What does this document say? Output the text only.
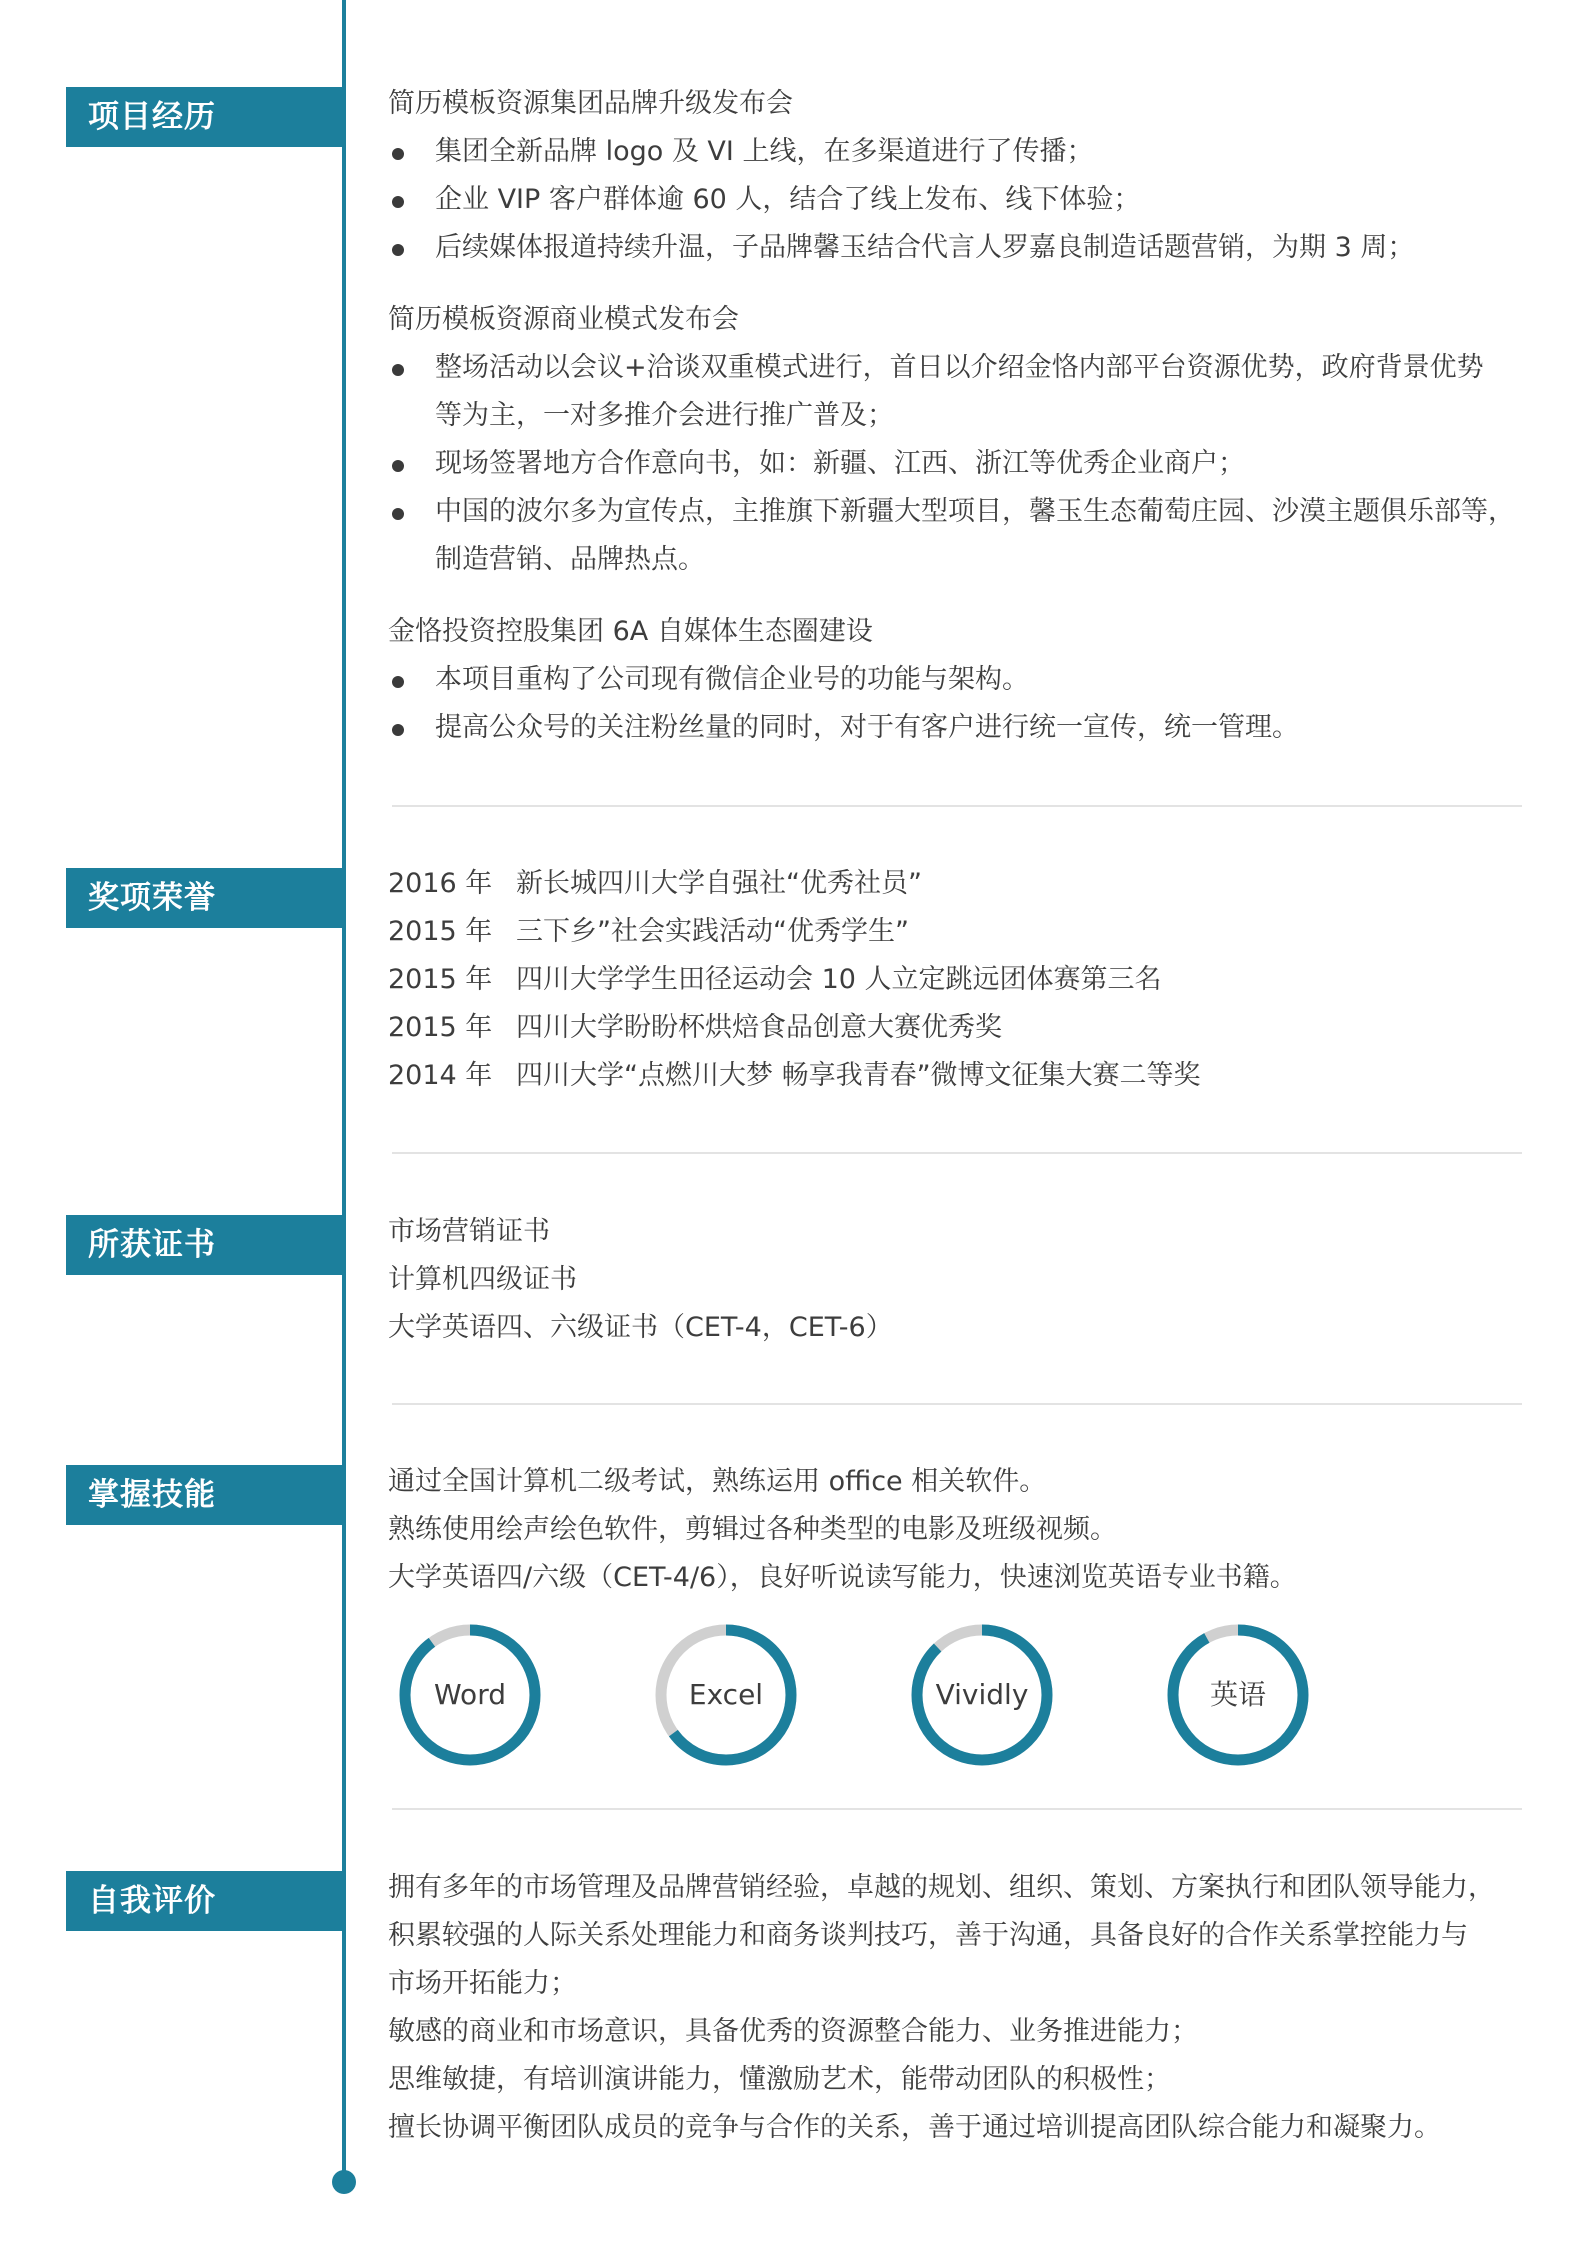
项目经历	简历模板资源集团品牌升级发布会
集团全新品牌 logo 及 VI 上线，在多渠道进行了传播；
企业 VIP 客户群体逾 60 人，结合了线上发布、线下体验；
后续媒体报道持续升温，子品牌馨玉结合代言人罗嘉良制造话题营销，为期 3 周；
简历模板资源商业模式发布会
整场活动以会议+洽谈双重模式进行，首日以介绍金恪内部平台资源优势，政府背景优势
等为主，一对多推介会进行推广普及；
现场签署地方合作意向书，如：新疆、江西、浙江等优秀企业商户；
中国的波尔多为宣传点，主推旗下新疆大型项目，馨玉生态葡萄庄园、沙漠主题俱乐部等，
制造营销、品牌热点。
金恪投资控股集团 6A 自媒体生态圈建设
本项目重构了公司现有微信企业号的功能与架构。
提高公众号的关注粉丝量的同时，对于有客户进行统一宣传，统一管理。
奖项荣誉	2016 年 新长城四川大学自强社“优秀社员”
2015 年 三下乡”社会实践活动“优秀学生”
2015 年 四川大学学生田径运动会 10 人立定跳远团体赛第三名
2015 年 四川大学盼盼杯烘焙食品创意大赛优秀奖
2014 年 四川大学“点燃川大梦 畅享我青春”微博文征集大赛二等奖
所获证书	市场营销证书
计算机四级证书
大学英语四、六级证书（CET-4，CET-6）
掌握技能	通过全国计算机二级考试，熟练运用 office 相关软件。
熟练使用绘声绘色软件，剪辑过各种类型的电影及班级视频。
大学英语四/六级（CET-4/6），良好听说读写能力，快速浏览英语专业书籍。
Word	Excel	Vividly	英语
自我评价	拥有多年的市场管理及品牌营销经验，卓越的规划、组织、策划、方案执行和团队领导能力，
积累较强的人际关系处理能力和商务谈判技巧，善于沟通，具备良好的合作关系掌控能力与
市场开拓能力；
敏感的商业和市场意识，具备优秀的资源整合能力、业务推进能力；
思维敏捷，有培训演讲能力，懂激励艺术，能带动团队的积极性；
擅长协调平衡团队成员的竞争与合作的关系，善于通过培训提高团队综合能力和凝聚力。
